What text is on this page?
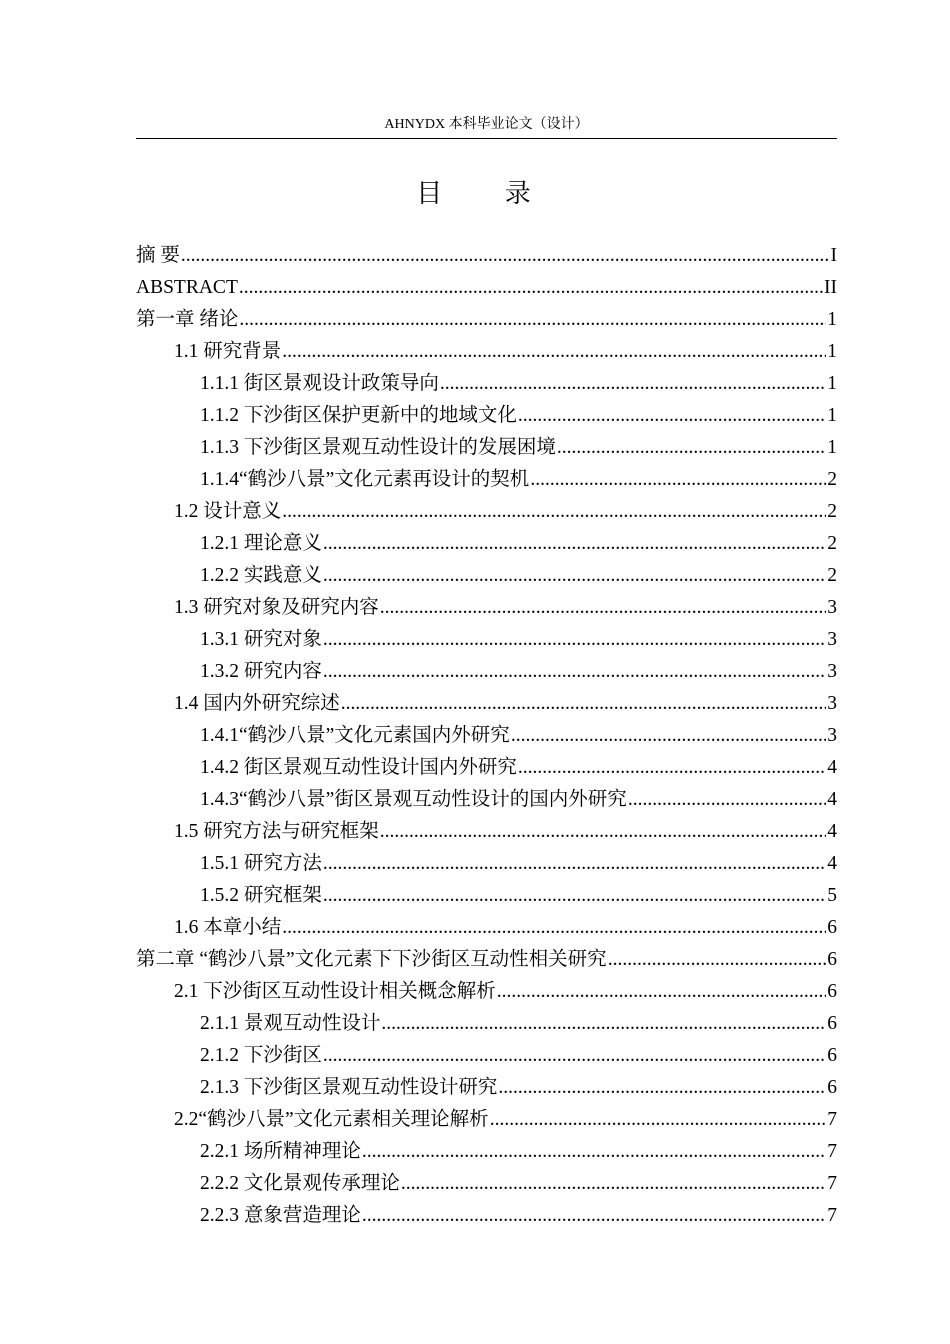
AHNYDX 本科毕业论文（设计）
目 录
摘 要 .....	I
ABSTRACT .....	II
第一章 绪论 .....	1
1.1 研究背景 .....	1
1.1.1 街区景观设计政策导向 .....	1
1.1.2 下沙街区保护更新中的地域文化 .....	1
1.1.3 下沙街区景观互动性设计的发展困境 .....	1
1.1.4“鹤沙八景”文化元素再设计的契机 .....	2
1.2 设计意义 .....	2
1.2.1 理论意义 .....	2
1.2.2 实践意义 .....	2
1.3 研究对象及研究内容 .....	3
1.3.1 研究对象 .....	3
1.3.2 研究内容 .....	3
1.4 国内外研究综述 .....	3
1.4.1“鹤沙八景”文化元素国内外研究 .....	3
1.4.2 街区景观互动性设计国内外研究 .....	4
1.4.3“鹤沙八景”街区景观互动性设计的国内外研究 .....	4
1.5 研究方法与研究框架 .....	4
1.5.1 研究方法 .....	4
1.5.2 研究框架 .....	5
1.6 本章小结 .....	6
第二章 “鹤沙八景”文化元素下下沙街区互动性相关研究 .....	6
2.1 下沙街区互动性设计相关概念解析 .....	6
2.1.1 景观互动性设计 .....	6
2.1.2 下沙街区 .....	6
2.1.3 下沙街区景观互动性设计研究 .....	6
2.2“鹤沙八景”文化元素相关理论解析 .....	7
2.2.1 场所精神理论 .....	7
2.2.2 文化景观传承理论 .....	7
2.2.3 意象营造理论 .....	7
